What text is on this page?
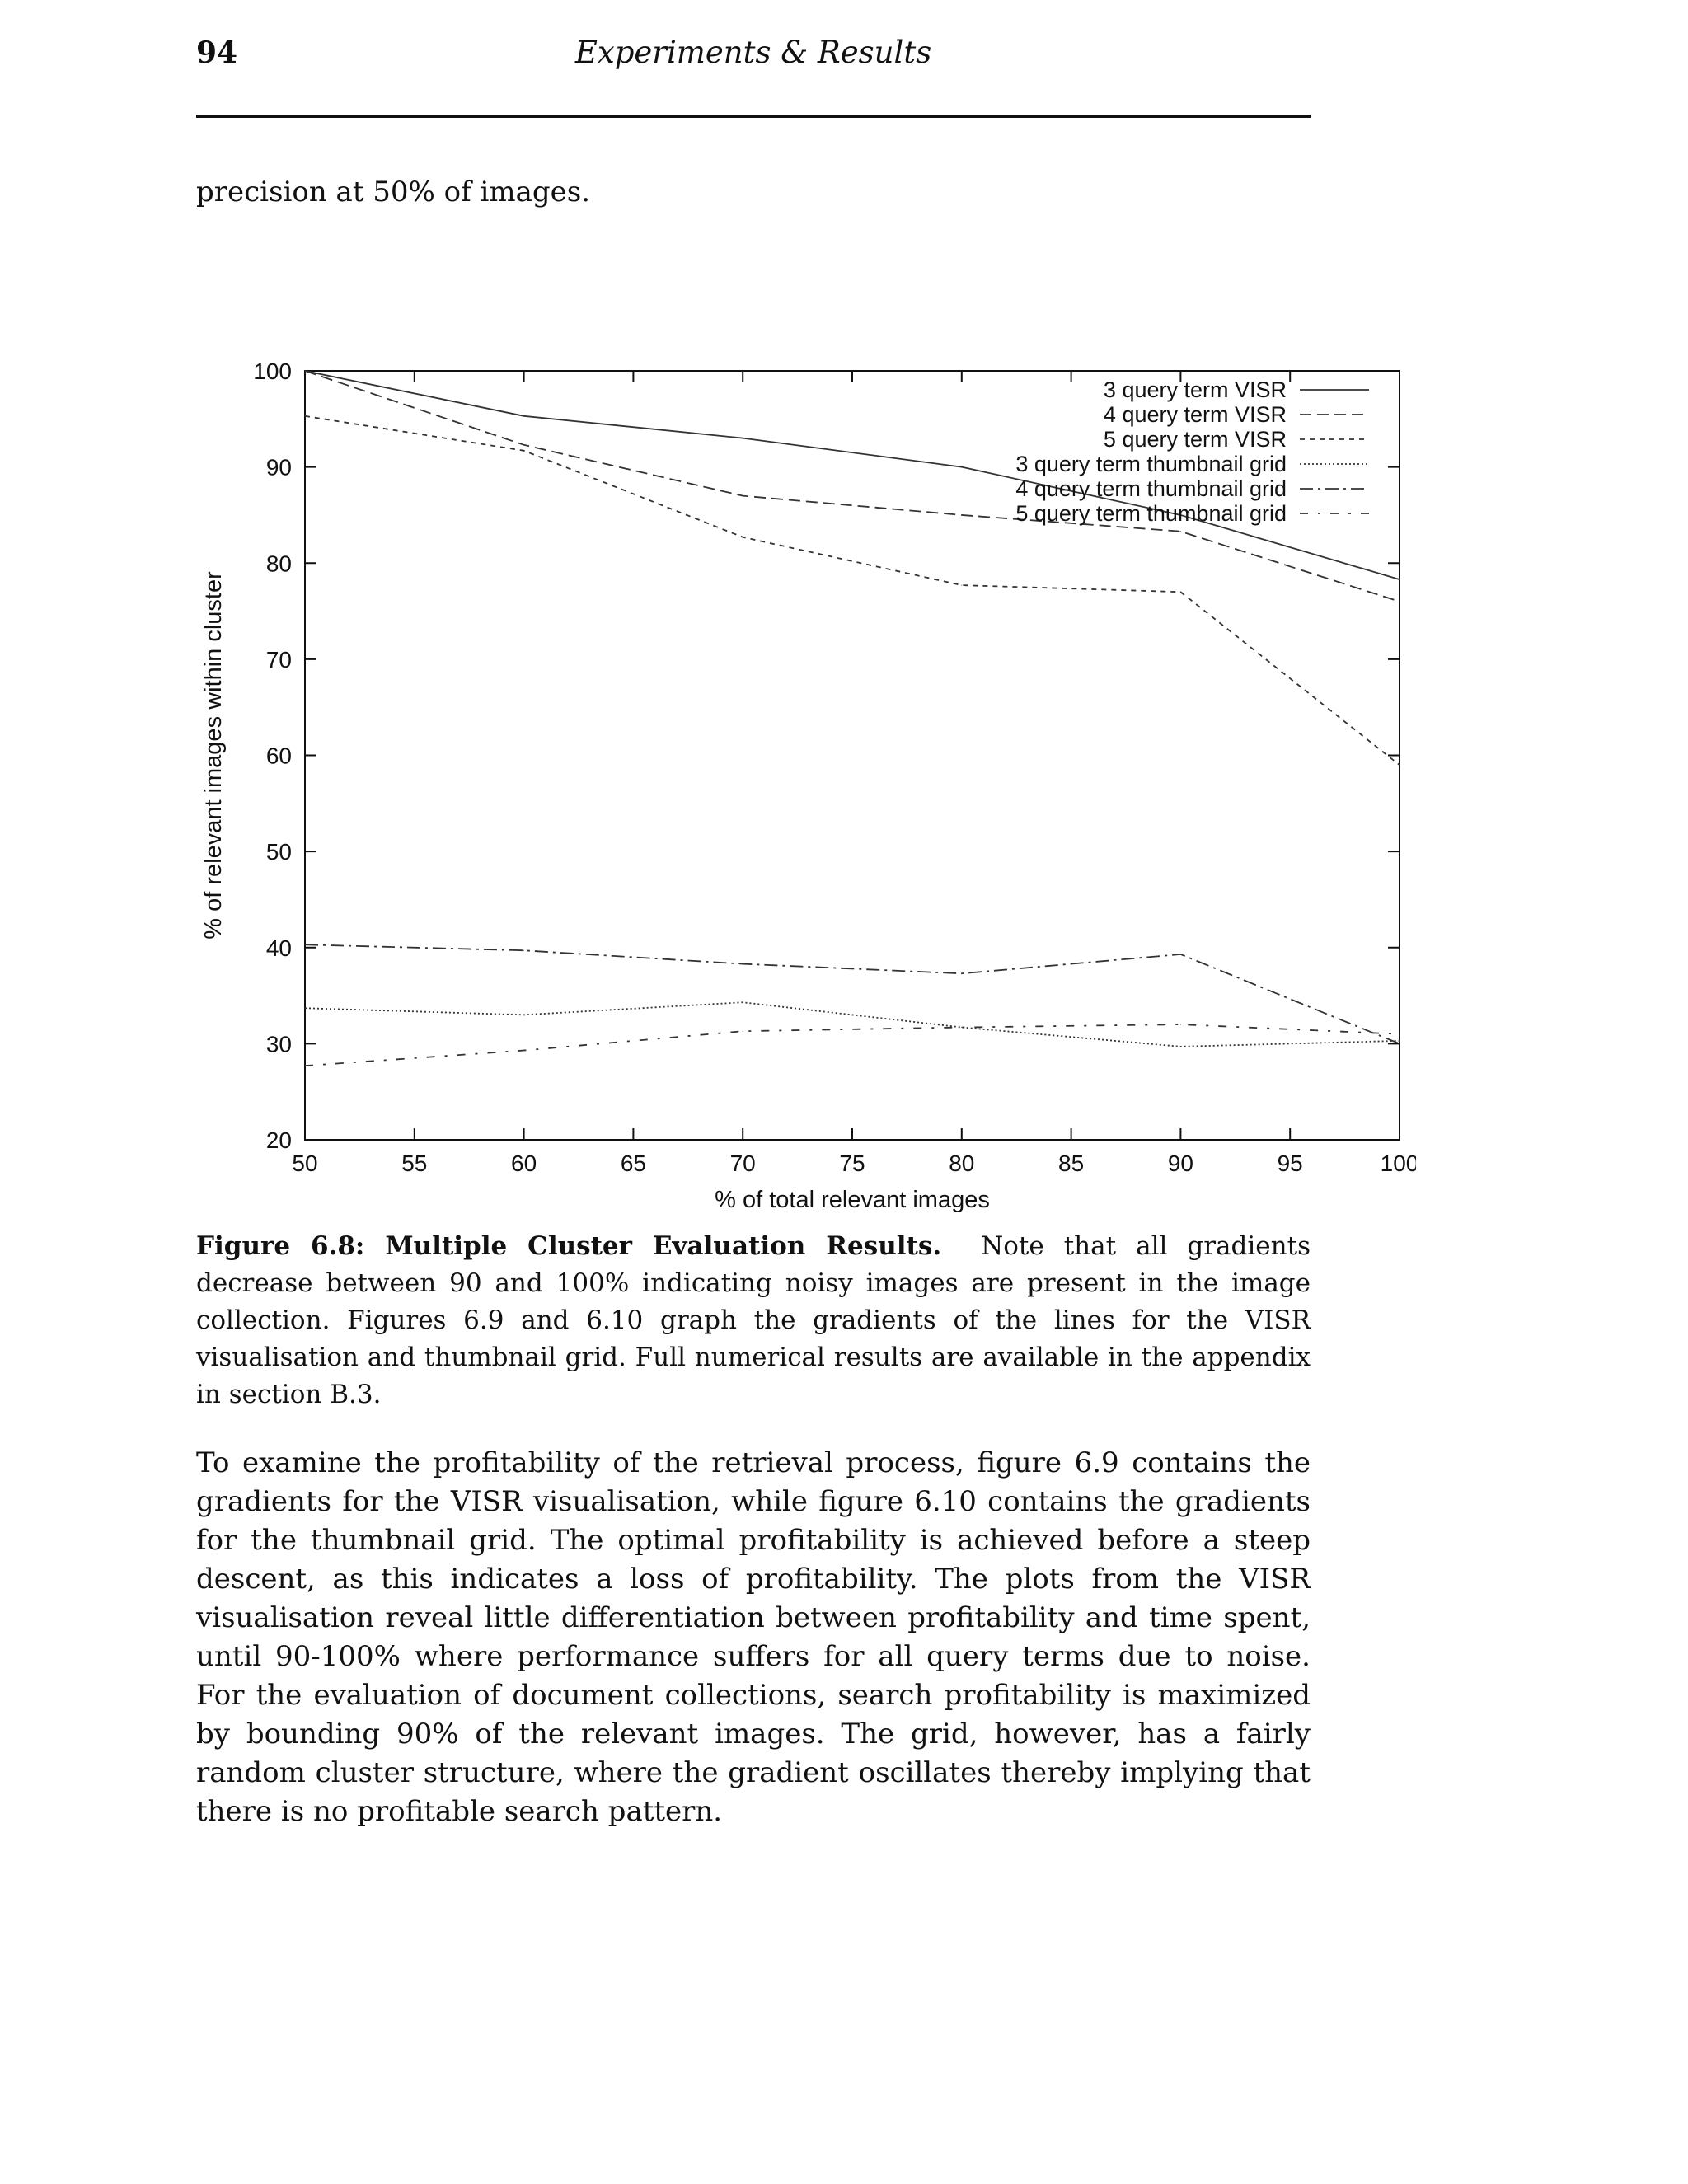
94	Experiments & Results

precision at 50% of images.

50	55	60	65	70	75	80	85	90	95	100
20
30
40
50
60
70
80
90
100
% of total relevant images
% of relevant images within cluster
3 query term VISR
4 query term VISR
5 query term VISR
3 query term thumbnail grid
4 query term thumbnail grid
5 query term thumbnail grid

Figure 6.8: Multiple Cluster Evaluation Results. Note that all gradients decrease between 90 and 100% indicating noisy images are present in the image collection. Figures 6.9 and 6.10 graph the gradients of the lines for the VISR visualisation and thumbnail grid. Full numerical results are available in the appendix in section B.3.

To examine the profitability of the retrieval process, figure 6.9 contains the gradients for the VISR visualisation, while figure 6.10 contains the gradients for the thumbnail grid. The optimal profitability is achieved before a steep descent, as this indicates a loss of profitability. The plots from the VISR visualisation reveal little differentiation between profitability and time spent, until 90-100% where performance suffers for all query terms due to noise. For the evaluation of document collections, search profitability is maximized by bounding 90% of the relevant images. The grid, however, has a fairly random cluster structure, where the gradient oscillates thereby implying that there is no profitable search pattern.
